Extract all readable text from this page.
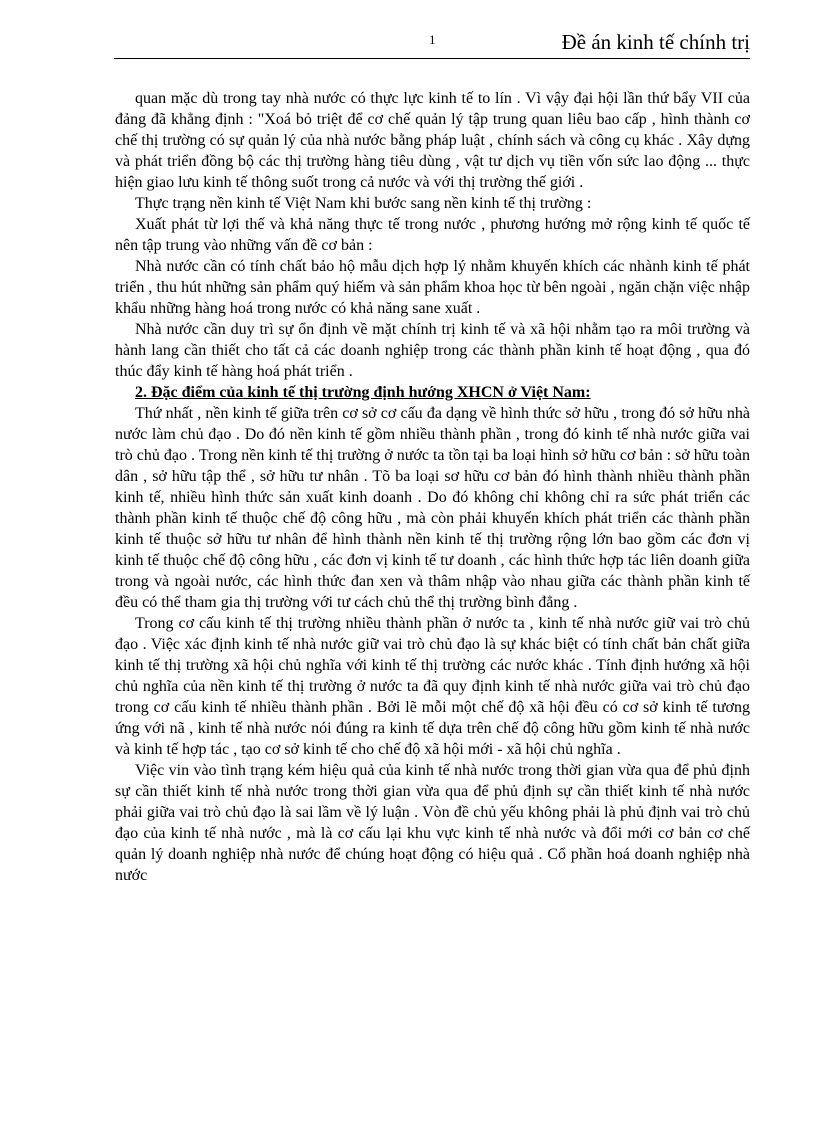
1	Đề án kinh tế chính trị

quan mặc dù trong tay nhà nước có thực lực kinh tế to lín . Vì vậy đại hội lần thứ bẩy VII của đảng đã khẳng định : "Xoá bỏ triệt để cơ chế quản lý tập trung quan liêu bao cấp , hình thành cơ chế thị trường có sự quản lý của nhà nước bằng pháp luật , chính sách và công cụ khác . Xây dựng và phát triển đồng bộ các thị trường hàng tiêu dùng , vật tư dịch vụ tiền vốn sức lao động ... thực hiện giao lưu kinh tế thông suốt trong cả nước và với thị trường thế giới .

Thực trạng nền kinh tế Việt Nam khi bước sang nền kinh tế thị trường :

Xuất phát từ lợi thế và khả năng thực tế trong nước , phương hướng mở rộng kinh tế quốc tế nên tập trung vào những vấn đề cơ bản :

Nhà nước cần có tính chất bảo hộ mẫu dịch hợp lý nhằm khuyến khích các nhành kinh tế phát triển , thu hút những sản phẩm quý hiếm và sản phẩm khoa học từ bên ngoài , ngăn chặn việc nhập khẩu những hàng hoá trong nước có khả năng sane xuất .

Nhà nước cần duy trì sự ổn định về mặt chính trị kinh tế và xã hội nhằm tạo ra môi trường và hành lang cần thiết cho tất cả các doanh nghiệp trong các thành phần kinh tế hoạt động , qua đó thúc đẩy kinh tế hàng hoá phát triển .

2. Đặc điểm của kinh tế thị trường định hướng XHCN ở Việt Nam:

Thứ nhất , nền kinh tế giữa trên cơ sở cơ cấu đa dạng về hình thức sở hữu , trong đó sở hữu nhà nước làm chủ đạo . Do đó nền kinh tế gồm nhiều thành phần , trong đó kinh tế nhà nước giữa vai trò chủ đạo . Trong nền kinh tế thị trường ở nước ta tồn tại ba loại hình sở hữu cơ bản : sở hữu toàn dân , sở hữu tập thể , sở hữu tư nhân . Tõ ba loại sơ hữu cơ bản đó hình thành nhiều thành phần kinh tế, nhiều hình thức sản xuất kinh doanh . Do đó không chỉ không chỉ ra sức phát triển các thành phần kinh tế thuộc chế độ công hữu , mà còn phải khuyến khích phát triển các thành phần kinh tế thuộc sở hữu tư nhân để hình thành nền kinh tế thị trường rộng lớn bao gồm các đơn vị kinh tế thuộc chế độ công hữu , các đơn vị kinh tế tư doanh , các hình thức hợp tác liên doanh giữa trong và ngoài nước, các hình thức đan xen và thâm nhập vào nhau giữa các thành phần kinh tế đều có thể tham gia thị trường với tư cách chủ thể thị trường bình đẳng .

Trong cơ cấu kinh tế thị trường nhiều thành phần ở nước ta , kinh tế nhà nước giữ vai trò chủ đạo . Việc xác định kinh tế nhà nước giữ vai trò chủ đạo là sự khác biệt có tính chất bản chất giữa kinh tế thị trường xã hội chủ nghĩa với kinh tế thị trường các nước khác . Tính định hướng xã hội chủ nghĩa của nền kinh tế thị trường ở nước ta đã quy định kinh tế nhà nước giữa vai trò chủ đạo trong cơ cấu kinh tế nhiều thành phần . Bởi lẽ mỗi một chế độ xã hội đều có cơ sở kinh tế tương ứng với nã , kinh tế nhà nước nói đúng ra kinh tế dựa trên chế độ công hữu gồm kinh tế nhà nước và kinh tế hợp tác , tạo cơ sở kinh tế cho chế độ xã hội mới - xã hội chủ nghĩa .

Việc vin vào tình trạng kém hiệu quả của kinh tế nhà nước trong thời gian vừa qua để phủ định sự cần thiết kinh tế nhà nước trong thời gian vừa qua để phủ định sự cần thiết kinh tế nhà nước phải giữa vai trò chủ đạo là sai lầm về lý luận . Vòn đề chủ yếu không phải là phủ định vai trò chủ đạo của kinh tế nhà nước , mà là cơ cấu lại khu vực kinh tế nhà nước và đổi mới cơ bản cơ chế quản lý doanh nghiệp nhà nước để chúng hoạt động có hiệu quả . Cổ phần hoá doanh nghiệp nhà nước
